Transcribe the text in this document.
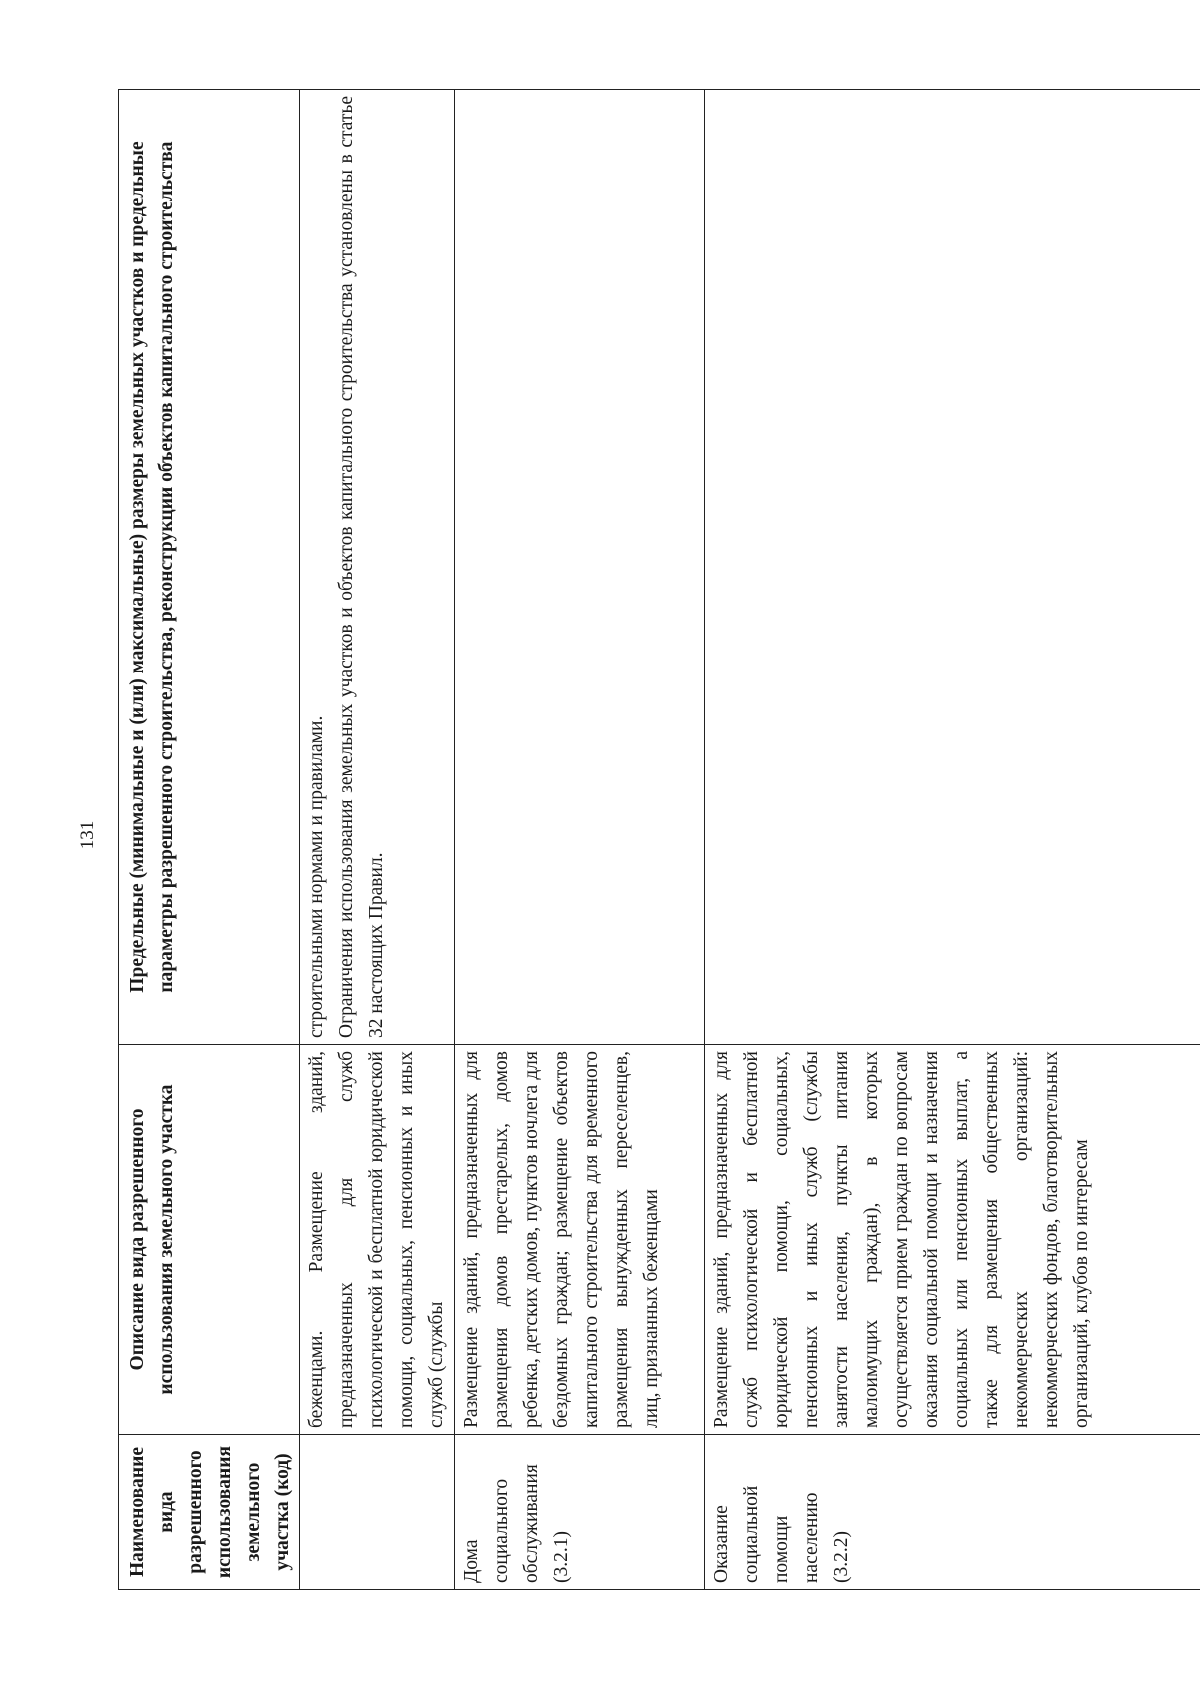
131
Наименование вида разрешенного использования земельного участка (код)	Описание вида разрешенного использования земельного участка	Предельные (минимальные и (или) максимальные) размеры земельных участков и предельные параметры разрешенного строительства, реконструкции объектов капитального строительства
	беженцами. Размещение зданий, предназначенных для служб психологической и бесплатной юридической помощи, социальных, пенсионных и иных служб (службы	строительными нормами и правилами. Ограничения использования земельных участков и объектов капитального строительства установлены в статье 32 настоящих Правил.

Дома социального обслуживания (3.2.1)	Размещение зданий, предназначенных для размещения домов престарелых, домов ребенка, детских домов, пунктов ночлега для бездомных граждан; размещение объектов капитального строительства для временного размещения вынужденных переселенцев, лиц, признанных беженцами	
Оказание социальной помощи населению (3.2.2)	Размещение зданий, предназначенных для служб психологической и бесплатной юридической помощи, социальных, пенсионных и иных служб (службы занятости населения, пункты питания малоимущих граждан), в которых осуществляется прием граждан по вопросам оказания социальной помощи и назначения социальных или пенсионных выплат, а также для размещения общественных некоммерческих организаций: некоммерческих фондов, благотворительных организаций, клубов по интересам	
